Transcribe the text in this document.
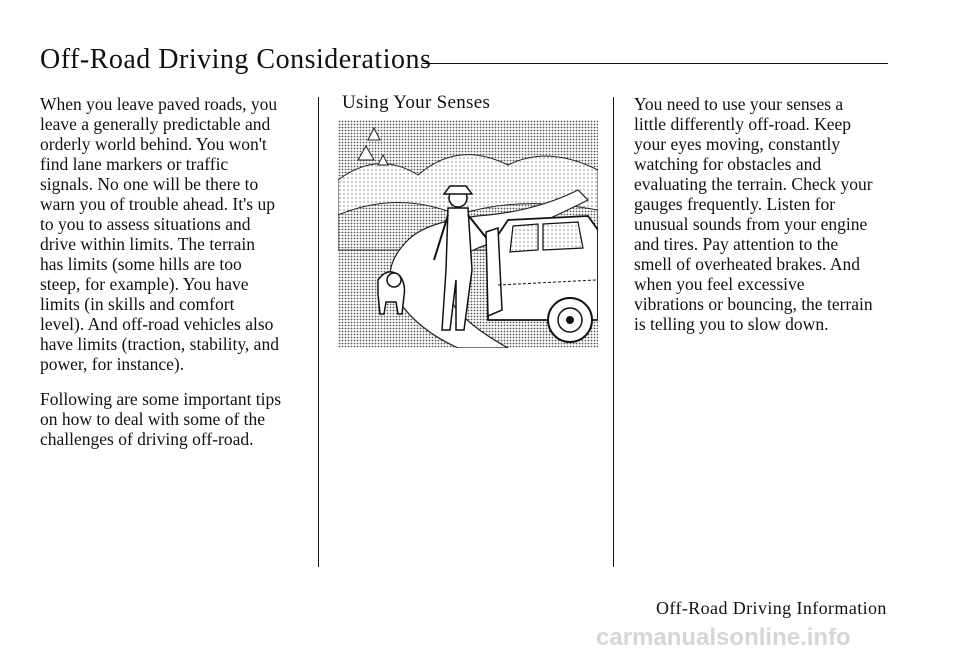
Off-Road Driving Considerations

When you leave paved roads, you
leave a generally predictable and
orderly world behind. You won't
find lane markers or traffic
signals. No one will be there to
warn you of trouble ahead. It's up
to you to assess situations and
drive within limits. The terrain
has limits (some hills are too
steep, for example). You have
limits (in skills and comfort
level). And off-road vehicles also
have limits (traction, stability, and
power, for instance).

Following are some important tips
on how to deal with some of the
challenges of driving off-road.

Using Your Senses	You need to use your senses a
little differently off-road. Keep
your eyes moving, constantly
watching for obstacles and
evaluating the terrain. Check your
gauges frequently. Listen for
unusual sounds from your engine
and tires. Pay attention to the
smell of overheated brakes. And
when you feel excessive
vibrations or bouncing, the terrain
is telling you to slow down.

Off-Road Driving Information
carmanualsonline.info
